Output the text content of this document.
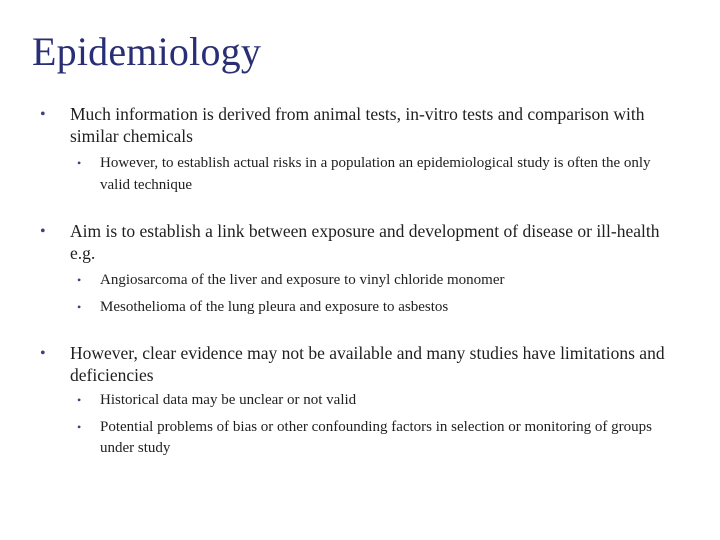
Epidemiology
• Much information is derived from animal tests, in-vitro tests and comparison with similar chemicals
• However, to establish actual risks in a population an epidemiological study is often the only valid technique
• Aim is to establish a link between exposure and development of disease or ill-health e.g.
• Angiosarcoma of the liver and exposure to vinyl chloride monomer
• Mesothelioma of the lung pleura and exposure to asbestos
• However, clear evidence may not be available and many studies have limitations and deficiencies
• Historical data may be unclear or not valid
• Potential problems of bias or other confounding factors in selection or monitoring of groups under study
